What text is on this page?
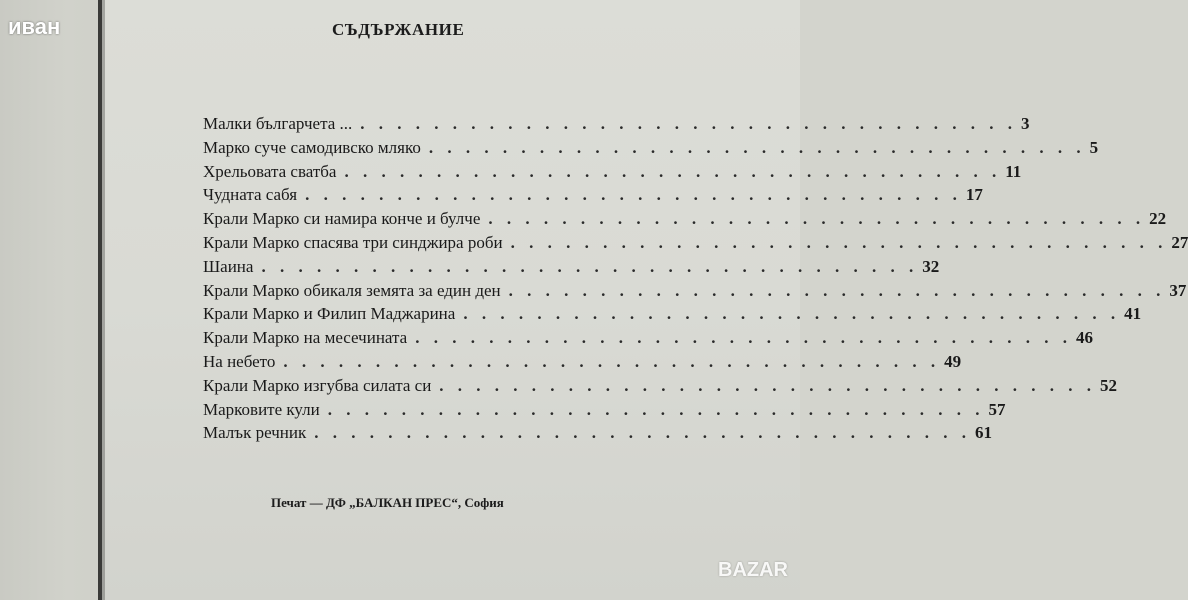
иван	СЪДЪРЖАНИЕ
Малки българчета ... . . . . . . . . . . . . . . . . . . . . . . . . . . . . . . . . . . . . 3
Марко суче самодивско мляко . . . . . . . . . . . . . . . . . . . . . . . . . . . . . . . . . . . . 5
Хрельовата сватба . . . . . . . . . . . . . . . . . . . . . . . . . . . . . . . . . . . . 11
Чудната сабя . . . . . . . . . . . . . . . . . . . . . . . . . . . . . . . . . . . . 17
Крали Марко си намира конче и булче . . . . . . . . . . . . . . . . . . . . . . . . . . . . . . . . . . . . 22
Крали Марко спасява три синджира роби . . . . . . . . . . . . . . . . . . . . . . . . . . . . . . . . . . . . 27
Шаина . . . . . . . . . . . . . . . . . . . . . . . . . . . . . . . . . . . . 32
Крали Марко обикаля земята за един ден . . . . . . . . . . . . . . . . . . . . . . . . . . . . . . . . . . . . 37
Крали Марко и Филип Маджарина . . . . . . . . . . . . . . . . . . . . . . . . . . . . . . . . . . . . 41
Крали Марко на месечината . . . . . . . . . . . . . . . . . . . . . . . . . . . . . . . . . . . . 46
На небето . . . . . . . . . . . . . . . . . . . . . . . . . . . . . . . . . . . . 49
Крали Марко изгубва силата си . . . . . . . . . . . . . . . . . . . . . . . . . . . . . . . . . . . . 52
Марковите кули . . . . . . . . . . . . . . . . . . . . . . . . . . . . . . . . . . . . 57
Малък речник . . . . . . . . . . . . . . . . . . . . . . . . . . . . . . . . . . . . 61
Печат — ДФ „БАЛКАН ПРЕС“, София
BAZAR
